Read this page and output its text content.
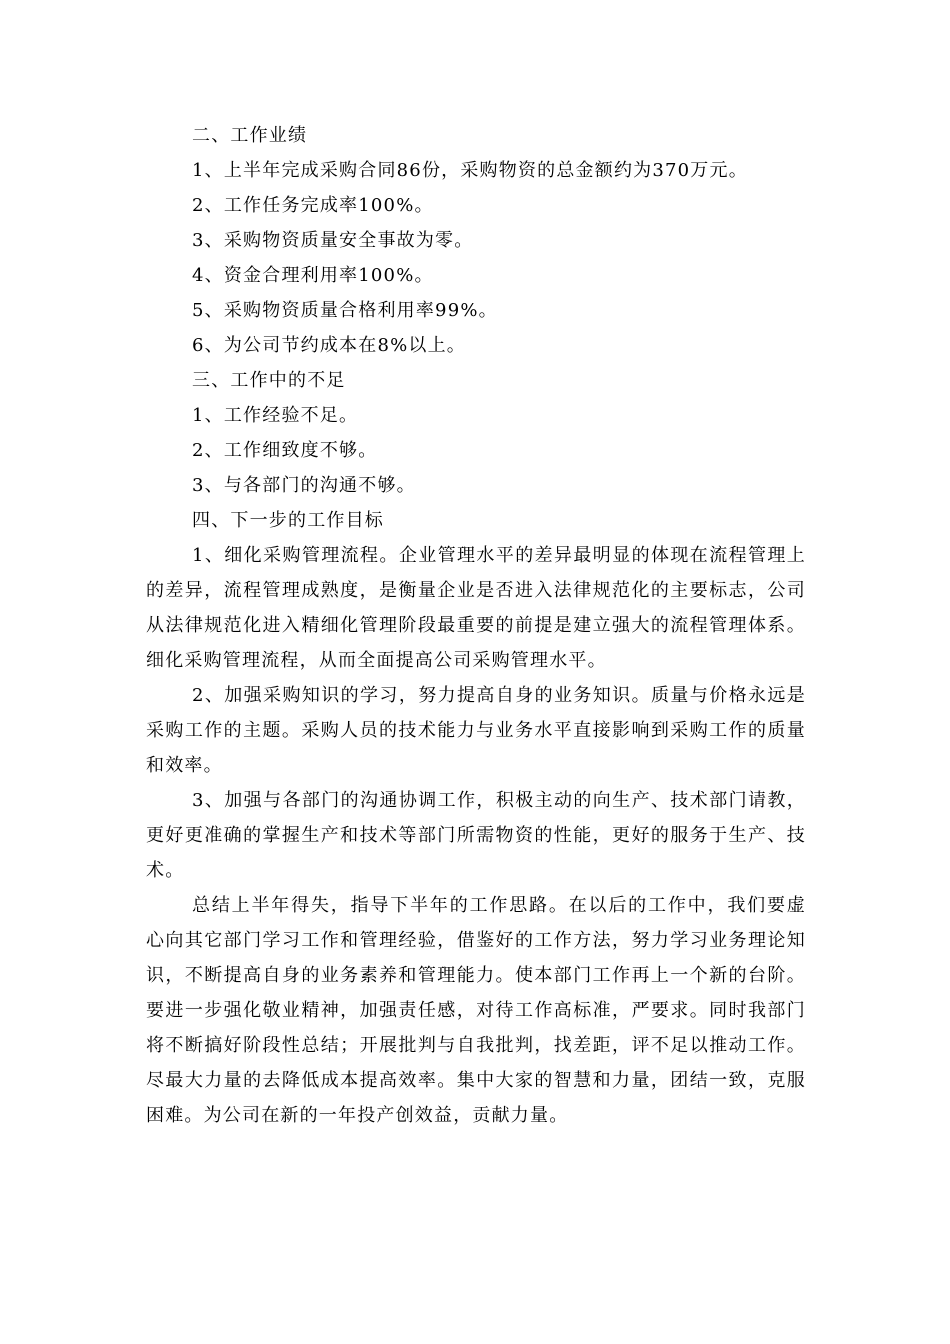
二、工作业绩

1、上半年完成采购合同86份，采购物资的总金额约为370万元。

2、工作任务完成率100%。

3、采购物资质量安全事故为零。

4、资金合理利用率100%。

5、采购物资质量合格利用率99%。

6、为公司节约成本在8%以上。

三、工作中的不足

1、工作经验不足。

2、工作细致度不够。

3、与各部门的沟通不够。

四、下一步的工作目标

1、细化采购管理流程。企业管理水平的差异最明显的体现在流程管理上的差异，流程管理成熟度，是衡量企业是否进入法律规范化的主要标志，公司从法律规范化进入精细化管理阶段最重要的前提是建立强大的流程管理体系。细化采购管理流程，从而全面提高公司采购管理水平。

2、加强采购知识的学习，努力提高自身的业务知识。质量与价格永远是采购工作的主题。采购人员的技术能力与业务水平直接影响到采购工作的质量和效率。

3、加强与各部门的沟通协调工作，积极主动的向生产、技术部门请教，更好更准确的掌握生产和技术等部门所需物资的性能，更好的服务于生产、技术。

总结上半年得失，指导下半年的工作思路。在以后的工作中，我们要虚心向其它部门学习工作和管理经验，借鉴好的工作方法，努力学习业务理论知识，不断提高自身的业务素养和管理能力。使本部门工作再上一个新的台阶。要进一步强化敬业精神，加强责任感，对待工作高标准，严要求。同时我部门将不断搞好阶段性总结；开展批判与自我批判，找差距，评不足以推动工作。尽最大力量的去降低成本提高效率。集中大家的智慧和力量，团结一致，克服困难。为公司在新的一年投产创效益，贡献力量。
